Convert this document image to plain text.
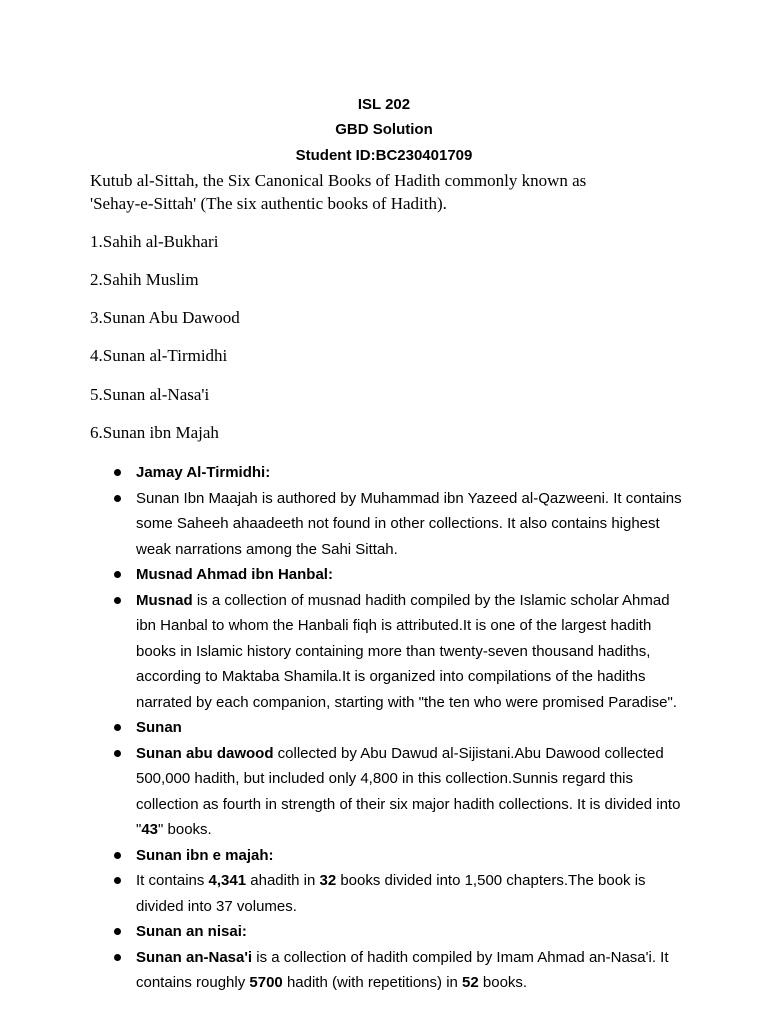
ISL 202
GBD Solution
Student ID:BC230401709
Kutub al-Sittah, the Six Canonical Books of Hadith commonly known as
'Sehay-e-Sittah' (The six authentic books of Hadith).
1.Sahih al-Bukhari
2.Sahih Muslim
3.Sunan Abu Dawood
4.Sunan al-Tirmidhi
5.Sunan al-Nasa'i
6.Sunan ibn Majah
Jamay Al-Tirmidhi:
Sunan Ibn Maajah is authored by Muhammad ibn Yazeed al-Qazweeni. It contains some Saheeh ahaadeeth not found in other collections. It also contains highest weak narrations among the Sahi Sittah.
Musnad Ahmad ibn Hanbal:
Musnad is a collection of musnad hadith compiled by the Islamic scholar Ahmad ibn Hanbal to whom the Hanbali fiqh is attributed.It is one of the largest hadith books in Islamic history containing more than twenty-seven thousand hadiths, according to Maktaba Shamila.It is organized into compilations of the hadiths narrated by each companion, starting with "the ten who were promised Paradise".
Sunan
Sunan abu dawood collected by Abu Dawud al-Sijistani.Abu Dawood collected 500,000 hadith, but included only 4,800 in this collection.Sunnis regard this collection as fourth in strength of their six major hadith collections. It is divided into "43" books.
Sunan ibn e majah:
It contains 4,341 ahadith in 32 books divided into 1,500 chapters.The book is divided into 37 volumes.
Sunan an nisai:
Sunan an-Nasa'i is a collection of hadith compiled by Imam Ahmad an-Nasa'i. It contains roughly 5700 hadith (with repetitions) in 52 books.
